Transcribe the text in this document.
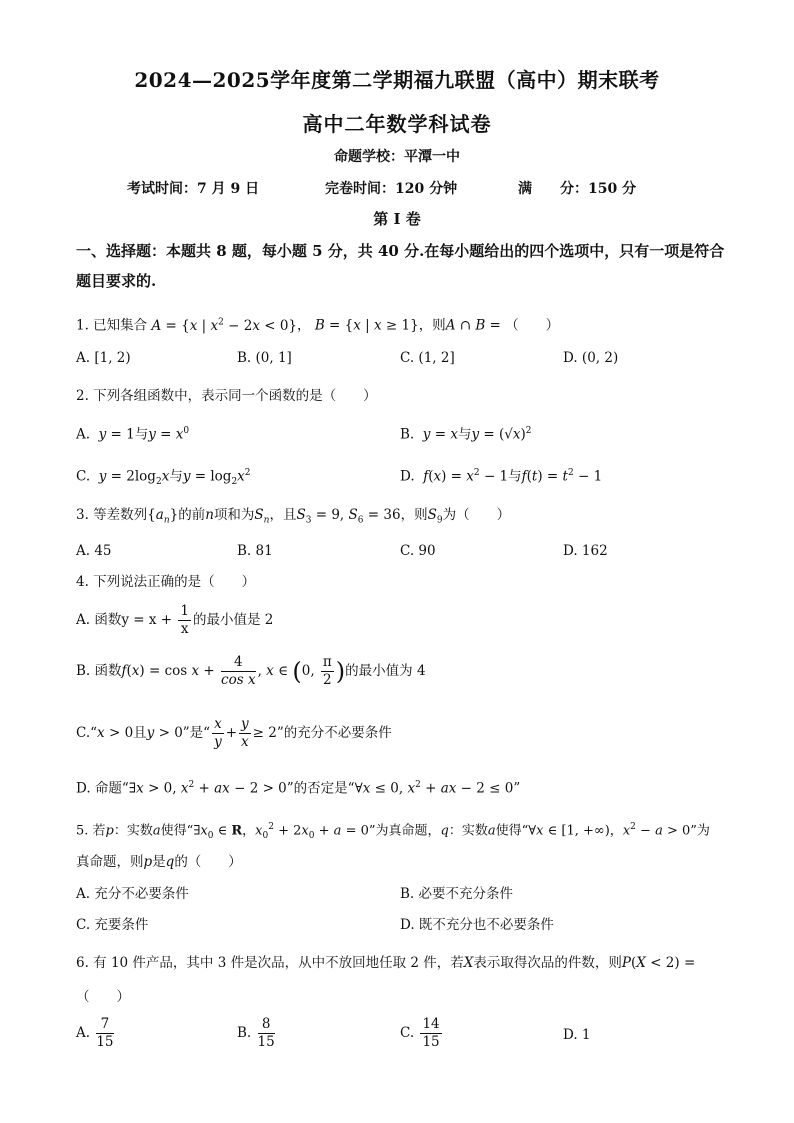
2024—2025学年度第二学期福九联盟（高中）期末联考
高中二年数学科试卷
命题学校：平潭一中
考试时间：7 月 9 日	完卷时间：120 分钟	满　　分：150 分
第 I 卷
一、选择题：本题共 8 题，每小题 5 分，共 40 分.在每小题给出的四个选项中，只有一项是符合题目要求的.
1. 已知集合 A = {x | $x^2 - 2x < 0$}， B = {x | x ≥ 1}，则A ∩ B = （　　）
A. [1, 2)	B. (0, 1]	C. (1, 2]	D. (0, 2)
2. 下列各组函数中，表示同一个函数的是（　　）
A.  y = 1与$y = x^0$	B.  y = x与$y = (√x)^2$
C.  $y = 2\log_2x$与$y = \log_2x^2$	D.  $f(x) = x^2 - 1$与$f(t) = t^2 - 1$
3. 等差数列$\{a_n\}$的前n项和为$S_n$，且$S_3 = 9$, $S_6 = 36$，则$S_9$为（　　）
A. 45	B. 81	C. 90	D. 162
4. 下列说法正确的是（　　）
A. 函数$y = x + \frac{1}{x}$ 的最小值是 2
B. 函数$f(x) = \cos x + \frac{4}{\text{cos x}}$ , x ∈ (0, $\frac{\pi}{2}$ )的最小值为 4
C.“x > 0且y > 0”是“ $\frac{x}{y} + \frac{y}{x} \ge 2$”的充分不必要条件
D. 命题“∃x > 0, $x^2$ + ax − 2 > 0”的否定是“∀x ≤ 0, $x^2$ + ax − 2 ≤ 0”
5. 若p：实数a使得“$\exists x_0$ ∈ R，$x_0^2 + 2x_0 + a = 0$”为真命题，q：实数a使得“∀x ∈ [1, +∞)，$x^2 - a > 0$”为
真命题，则p是q的（　　）
A. 充分不必要条件	B. 必要不充分条件
C. 充要条件	D. 既不充分也不必要条件
6. 有 10 件产品，其中 3 件是次品，从中不放回地任取 2 件，若X表示取得次品的件数，则P(X < 2) =
（　　）
A. $\frac{7}{15}$	B. $\frac{8}{15}$	C. $\frac{14}{15}$	D. 1
